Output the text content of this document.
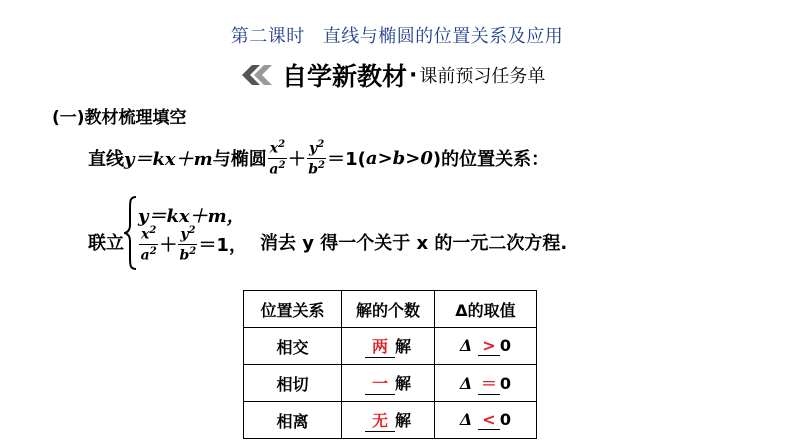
第二课时 直线与椭圆的位置关系及应用
自学新教材 · 课前预习任务单
(一)教材梳理填空
直线 y＝kx＋m 与椭圆 $\frac{x^2}{a^2} + \frac{y^2}{b^2} =1$( a>b>0 )的位置关系：
联立
y＝kx＋m，
$\frac{x^2}{a^2} + \frac{y^2}{b^2} =1$， 消去 y 得一个关于 x 的一元二次方程.
位置关系	解的个数	Δ的取值
相交	两 解	Δ > 0
相切	一 解	Δ ＝ 0
相离	无 解	Δ < 0
